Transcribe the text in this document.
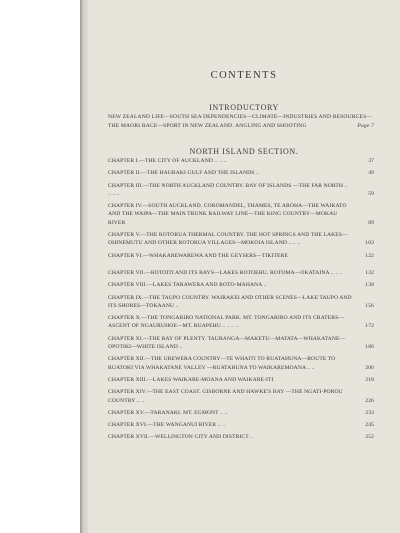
CONTENTS
INTRODUCTORY
NEW ZEALAND LIFE—SOUTH SEA DEPENDENCIES—CLIMATE—INDUSTRIES AND RESOURCES—THE MAORI RACE—SPORT IN NEW ZEALAND. ANGLING AND SHOOTING	Page 7
NORTH ISLAND SECTION.
CHAPTER I.—THE CITY OF AUCKLAND .. .. ..	37
CHAPTER II.—THE HAURAKI GULF AND THE ISLANDS ..	49
CHAPTER III.—THE NORTH AUCKLAND COUNTRY. BAY OF ISLANDS —THE FAR NORTH .. .. .. ..	59
CHAPTER IV.—SOUTH AUCKLAND. COROMANDEL, THAMES, TE AROHA—THE WAIKATO AND THE WAIPA—THE MAIN TRUNK RAILWAY LINE—THE KING COUNTRY—MOKAU RIVER	89
CHAPTER V.—THE ROTORUA THERMAL COUNTRY. THE HOT SPRINGS AND THE LAKES—OHINEMUTU AND OTHER ROTORUA VILLAGES—MOKOIA ISLAND .. .. ..	103
CHAPTER VI.—WHAKAREWAREWA AND THE GEYSERS—TIKITERE	122
CHAPTER VII.—ROTOITI AND ITS BAYS—LAKES ROTOEHU, ROTOMA—OKATAINA .. .. ..	132
CHAPTER VIII.—LAKES TARAWERA AND ROTO-MAHANA ..	138
CHAPTER IX.—THE TAUPO COUNTRY. WAIRAKEI AND OTHER SCENES—LAKE TAUPO AND ITS SHORES—TOKAANU ..	156
CHAPTER X.—THE TONGARIRO NATIONAL PARK. MT. TONGARIRO AND ITS CRATERS—ASCENT OF NGAURUHOE—MT. RUAPEHU .. .. .. ..	172
CHAPTER XI.—THE BAY OF PLENTY. TAURANGA—MAKETU—MATATA—WHAKATANE—OPOTIKI—WHITE ISLAND ..	186
CHAPTER XII.—THE UREWERA COUNTRY—TE WHAITI TO RUATAHUNA—ROUTE TO RUATOKI VIA WHAKATANE VALLEY —RUATAHUNA TO WAIKAREMOANA .. ..	206
CHAPTER XIII.—LAKES WAIKARE-MOANA AND WAIKARE-ITI	218
CHAPTER XIV.—THE EAST COAST. GISBORNE AND HAWKE'S BAY —THE NGATI-POROU COUNTRY .. ..	226
CHAPTER XV.—TARANAKI. MT. EGMONT .. ..	233
CHAPTER XVI.—THE WANGANUI RIVER .. ..	245
CHAPTER XVII.—WELLINGTON CITY AND DISTRICT ..	252
